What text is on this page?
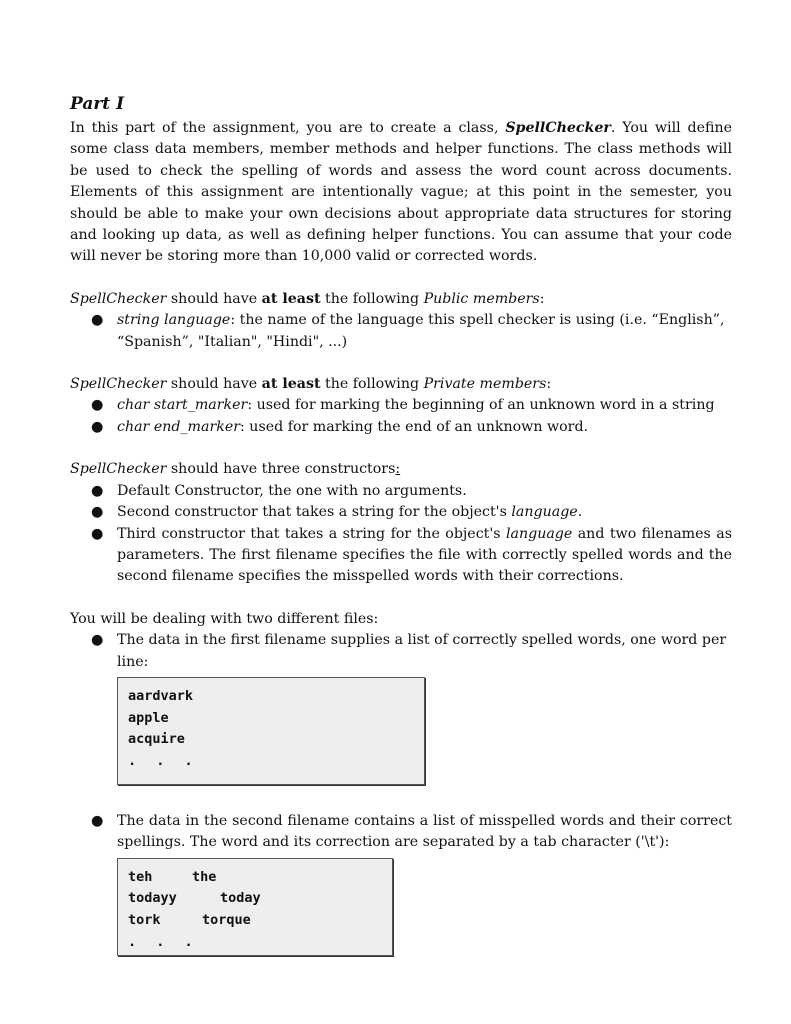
Part I

In this part of the assignment, you are to create a class, SpellChecker. You will define some class data members, member methods and helper functions. The class methods will be used to check the spelling of words and assess the word count across documents. Elements of this assignment are intentionally vague; at this point in the semester, you should be able to make your own decisions about appropriate data structures for storing and looking up data, as well as defining helper functions. You can assume that your code will never be storing more than 10,000 valid or corrected words.

SpellChecker should have at least the following Public members:

● string language: the name of the language this spell checker is using (i.e. “English”, “Spanish”, "Italian", "Hindi", ...)

SpellChecker should have at least the following Private members:

● char start_marker: used for marking the beginning of an unknown word in a string
● char end_marker: used for marking the end of an unknown word.

SpellChecker should have three constructors:

● Default Constructor, the one with no arguments.
● Second constructor that takes a string for the object's language.
● Third constructor that takes a string for the object's language and two filenames as parameters. The first filename specifies the file with correctly spelled words and the second filename specifies the misspelled words with their corrections.

You will be dealing with two different files:

● The data in the first filename supplies a list of correctly spelled words, one word per line:
aardvark
apple
acquire
. . .
● The data in the second filename contains a list of misspelled words and their correct spellings. The word and its correction are separated by a tab character ('\t'):
teh	the
todayy	today
tork	torque
. . .
